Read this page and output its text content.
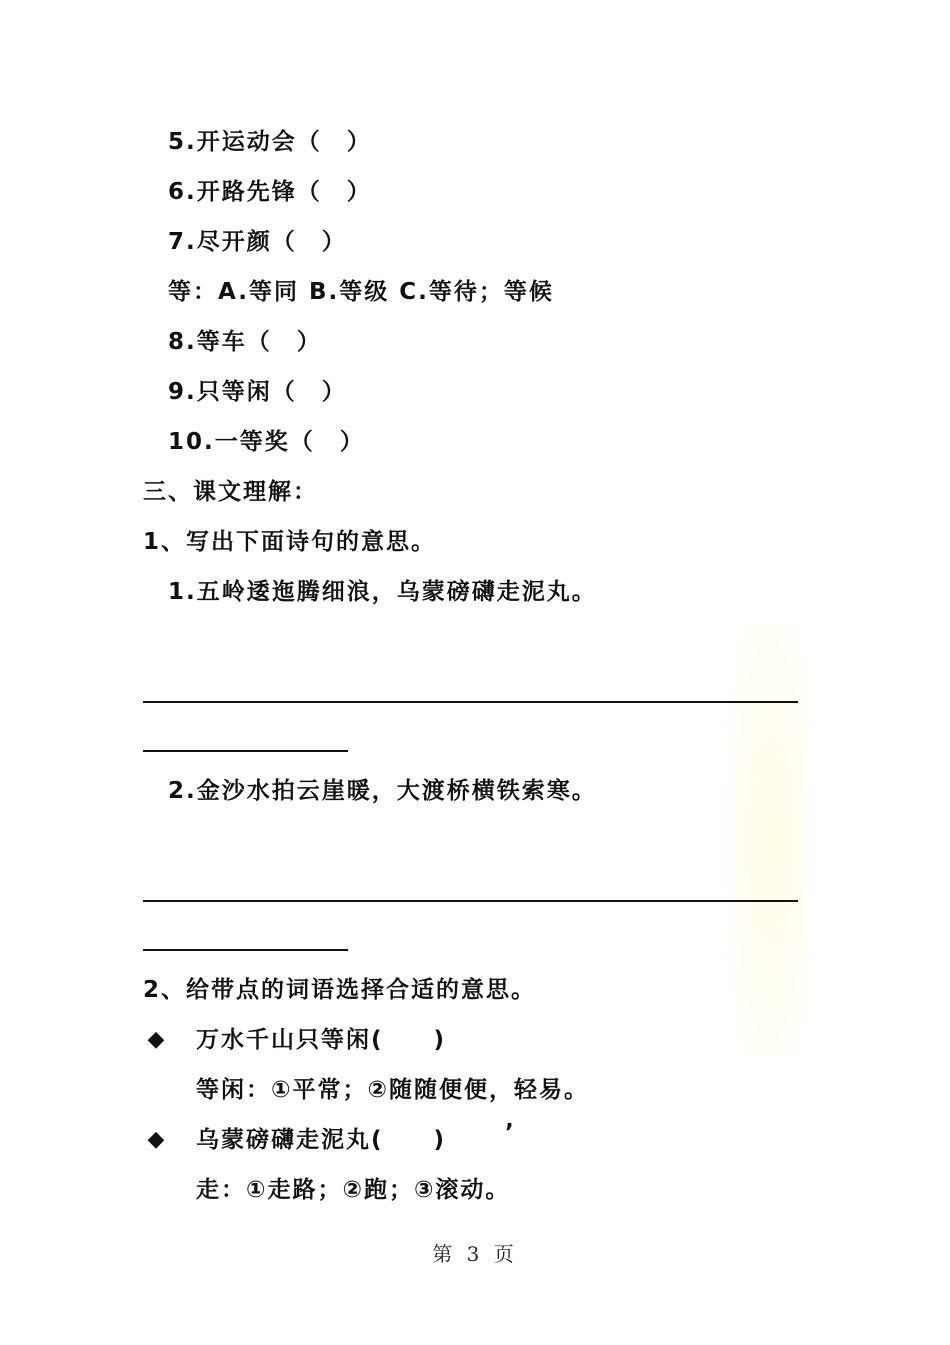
5.开运动会（　）
6.开路先锋（　）
7.尽开颜（　）
等：A.等同 B.等级 C.等待；等候
8.等车（　）
9.只等闲（　）
10.一等奖（　）
三、课文理解：
1、写出下面诗句的意思。
1.五岭逶迤腾细浪，乌蒙磅礴走泥丸。
2.金沙水拍云崖暖，大渡桥横铁索寒。
2、给带点的词语选择合适的意思。
◆ 万水千山只等闲(　　)
等闲：①平常；②随随便便，轻易。
◆ 乌蒙磅礴走泥丸(　　)	’
走：①走路；②跑；③滚动。
第 3 页
